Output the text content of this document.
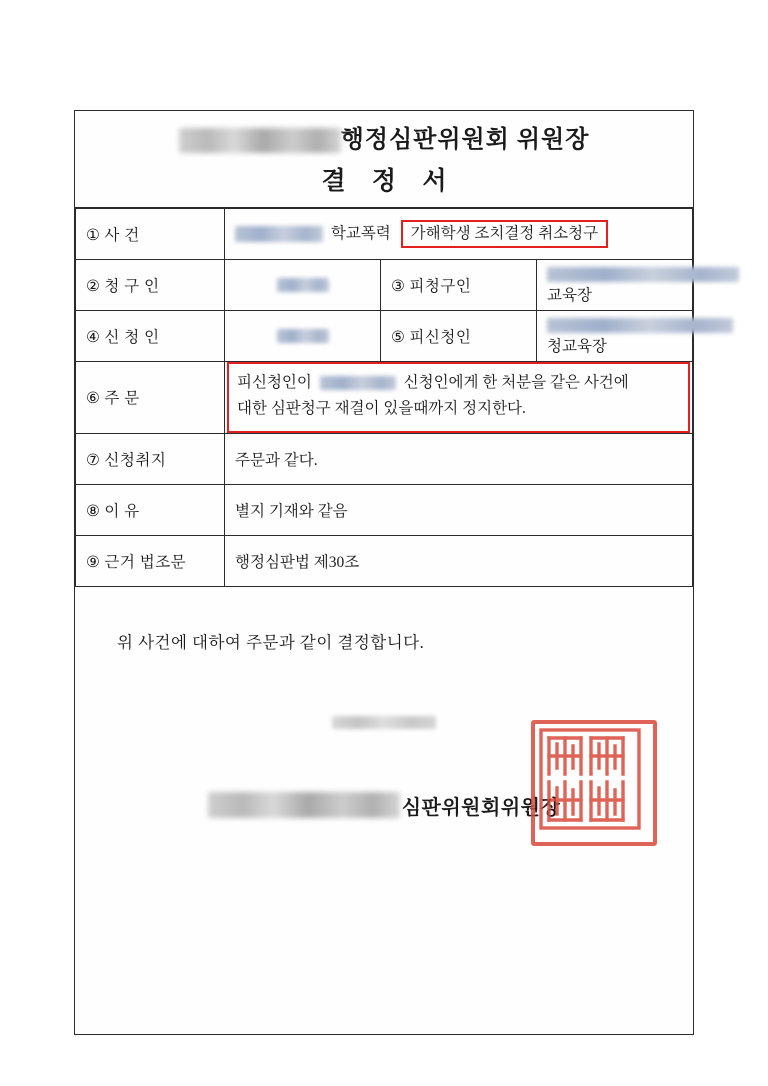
행정심판위원회 위원장
결 정 서
① 사 건	학교폭력 가해학생 조치결정 취소청구		
② 청 구 인		③ 피청구인	교육장
④ 신 청 인		⑤ 피신청인	청교육장
⑥ 주 문	피신청인이 신청인에게 한 처분을 같은 사건에
대한 심판청구 재결이 있을때까지 정지한다.		

⑦ 신청취지	주문과 같다.		
⑧ 이 유	별지 기재와 같음		
⑨ 근거 법조문	행정심판법 제30조		
위 사건에 대하여 주문과 같이 결정합니다.
심판위원회위원장
